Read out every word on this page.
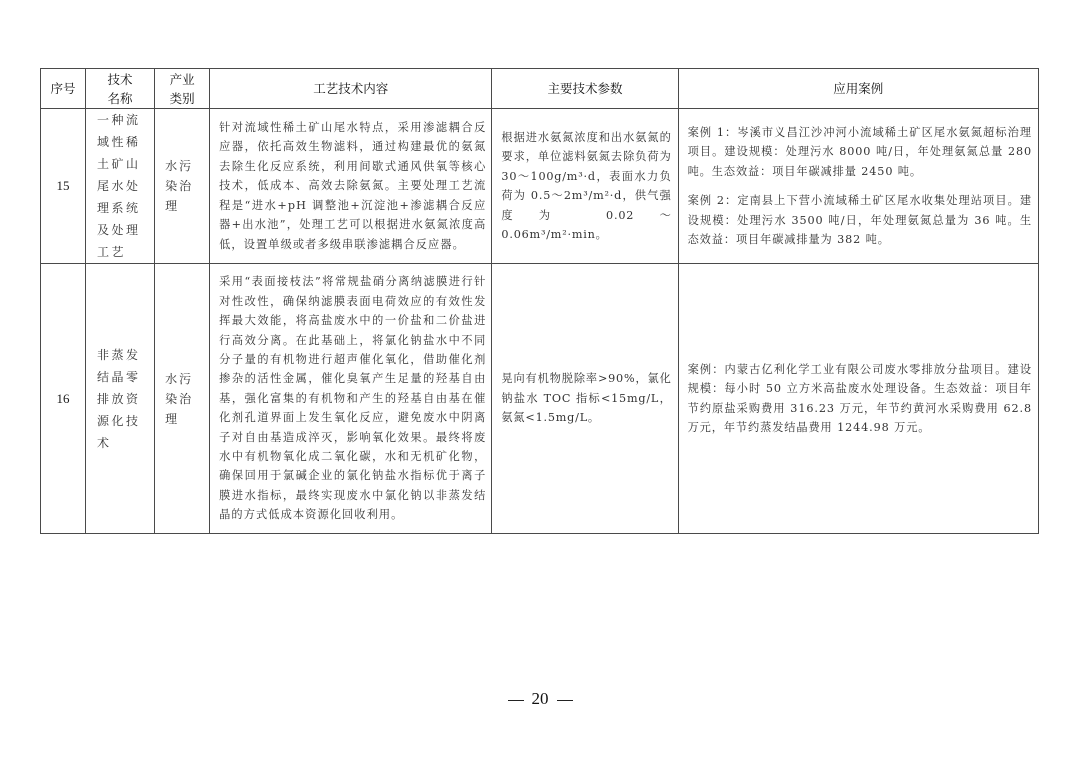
序号	技术名称	产业类别	工艺技术内容	主要技术参数	应用案例
15	一种流域性稀土矿山尾水处理系统及处理工艺	水污染治理	针对流域性稀土矿山尾水特点，采用渗滤耦合反应器，依托高效生物滤料，通过构建最优的氨氮去除生化反应系统，利用间歇式通风供氧等核心技术，低成本、高效去除氨氮。主要处理工艺流程是“进水+pH 调整池+沉淀池+渗滤耦合反应器+出水池”，处理工艺可以根据进水氨氮浓度高低，设置单级或者多级串联渗滤耦合反应器。	根据进水氨氮浓度和出水氨氮的要求，单位滤料氨氮去除负荷为 30～100g/m³·d，表面水力负荷为 0.5～2m³/m²·d，供气强度为 0.02～0.06m³/m²·min。	案例 1：岑溪市义昌江沙冲河小流域稀土矿区尾水氨氮超标治理项目。建设规模：处理污水 8000 吨/日，年处理氨氮总量 280 吨。生态效益：项目年碳减排量 2450 吨。
案例 2：定南县上下营小流域稀土矿区尾水收集处理站项目。建设规模：处理污水 3500 吨/日，年处理氨氮总量为 36 吨。生态效益：项目年碳减排量为 382 吨。

16	非蒸发结晶零排放资源化技术	水污染治理	采用“表面接枝法”将常规盐硝分离纳滤膜进行针对性改性，确保纳滤膜表面电荷效应的有效性发挥最大效能，将高盐废水中的一价盐和二价盐进行高效分离。在此基础上，将氯化钠盐水中不同分子量的有机物进行超声催化氧化，借助催化剂掺杂的活性金属，催化臭氧产生足量的羟基自由基，强化富集的有机物和产生的羟基自由基在催化剂孔道界面上发生氧化反应，避免废水中阴离子对自由基造成淬灭，影响氧化效果。最终将废水中有机物氧化成二氧化碳，水和无机矿化物，确保回用于氯碱企业的氯化钠盐水指标优于离子膜进水指标，最终实现废水中氯化钠以非蒸发结晶的方式低成本资源化回收利用。	晃向有机物脱除率>90%，氯化钠盐水 TOC 指标<15mg/L，氨氮<1.5mg/L。	案例：内蒙古亿利化学工业有限公司废水零排放分盐项目。建设规模：每小时 50 立方米高盐废水处理设备。生态效益：项目年节约原盐采购费用 316.23 万元，年节约黄河水采购费用 62.8 万元，年节约蒸发结晶费用 1244.98 万元。
20
